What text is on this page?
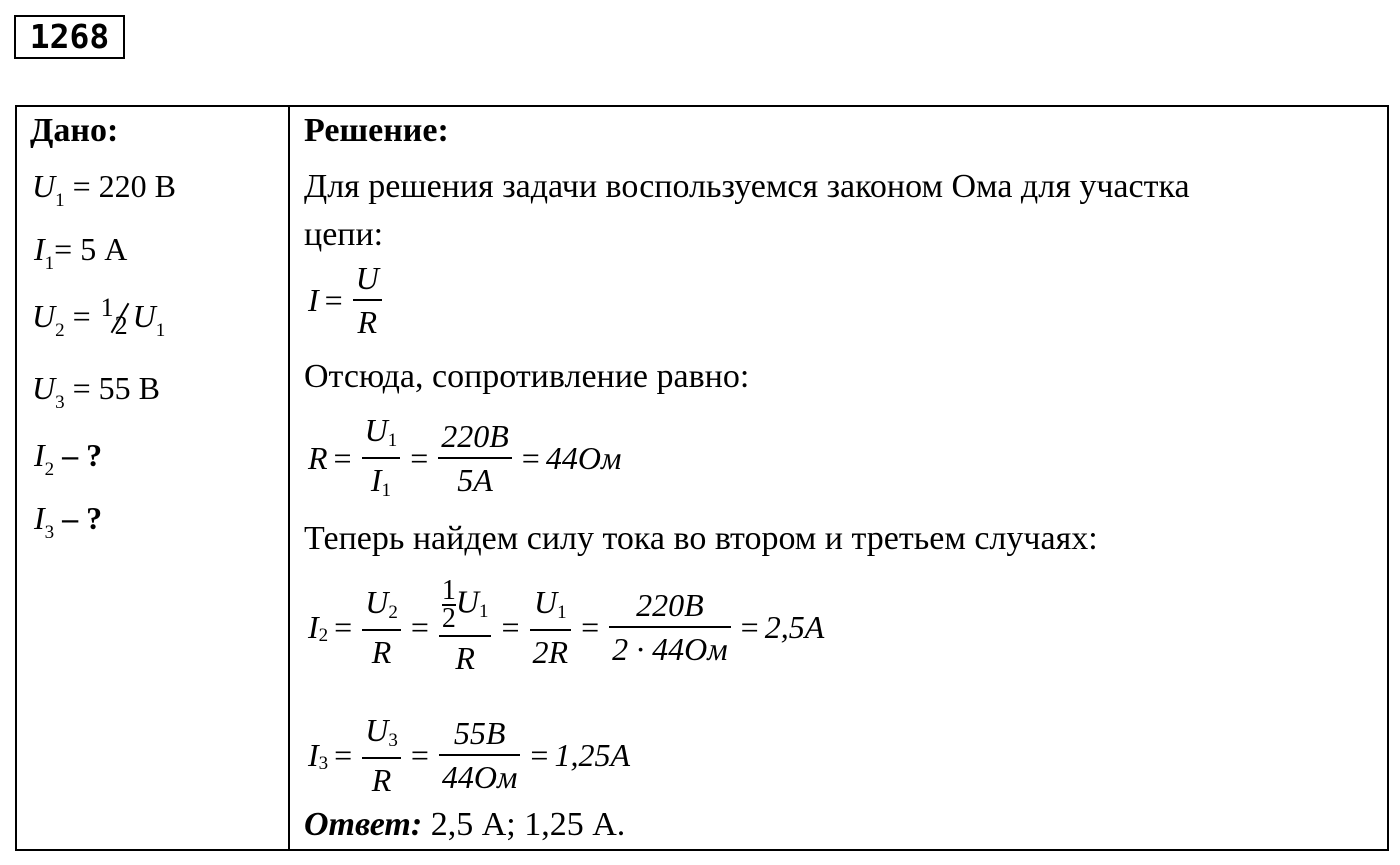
1268
Дано:
$U_1 = 220$ В
$I_1= 5$ А
$U_2 = 1$
2 $U_1$
$U_3 = 55$ В
$I_2$ – ?
$I_3$ – ?
Решение:
Для решения задачи воспользуемся законом Ома для участка
цепи:
$I = \frac{U}{R}$
Отсюда, сопротивление равно:
$R = \frac{U1}{I1} = \frac{220B}{5A} = 44Ом$
Теперь найдем силу тока во втором и третьем случаях:
I $2 = \frac{U2}{R} = \frac{\frac{1}{2} U1}{R} = \frac{U1}{2R} = \frac{220B}{2 \cdot 44Ом} = 2,5A$
I $3 = \frac{U3}{R} = \frac{55B}{44Ом} = 1,25A$
Ответ: 2,5 А; 1,25 А.
